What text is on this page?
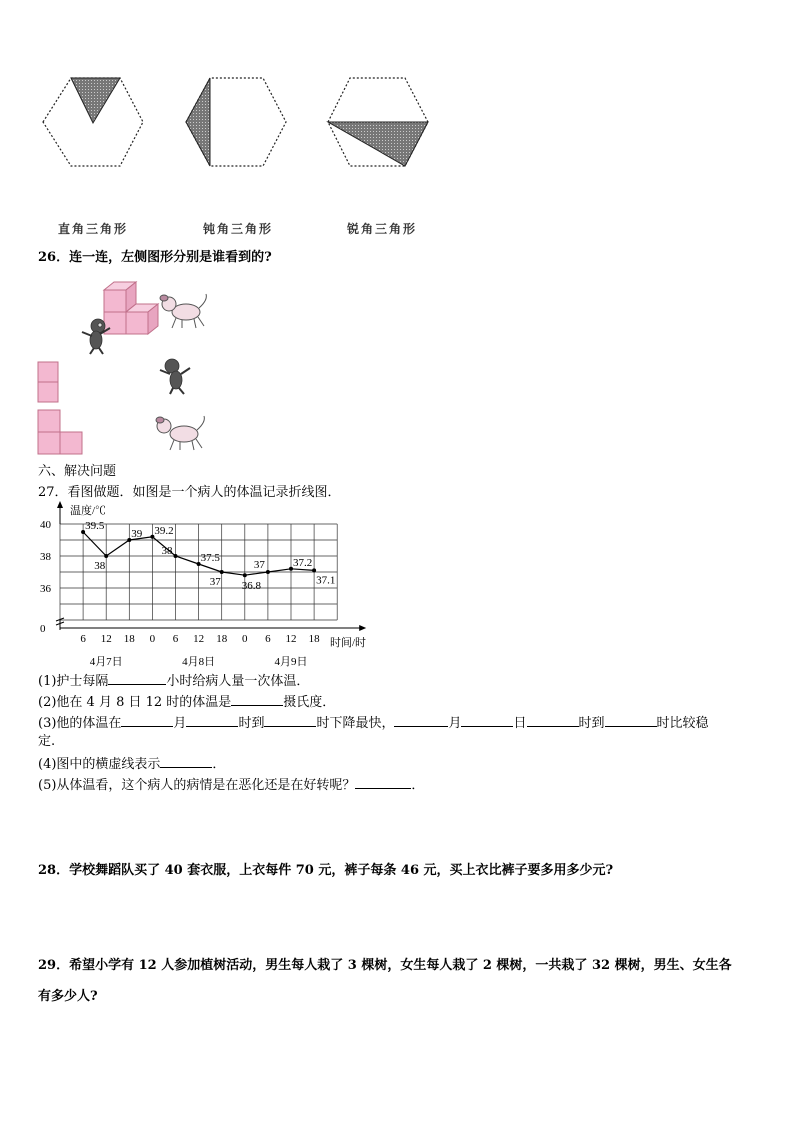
直角三角形	钝角三角形	锐角三角形
26．连一连，左侧图形分别是谁看到的?
六、解决问题
27．看图做题．如图是一个病人的体温记录折线图．
40
38
36
0
6 12 18 0 6 12 18 0 6 12 18
4月7日	4月8日	4月9日
39.5
38
39 39.2
38
37.5
37 36.8
37	37.2
37.1
温度/℃
时间/时
(1)护士每隔	小时给病人量一次体温．
(2)他在 4 月 8 日 12 时的体温是	摄氏度．
(3)他的体温在	月	时到	时下降最快，	月	日	时到	时比较稳
定.
(4)图中的横虚线表示	．
(5)从体温看，这个病人的病情是在恶化还是在好转呢？	．
28．学校舞蹈队买了 40 套衣服，上衣每件 70 元，裤子每条 46 元，买上衣比裤子要多用多少元?
29．希望小学有 12 人参加植树活动，男生每人栽了 3 棵树，女生每人栽了 2 棵树，一共栽了 32 棵树，男生、女生各
有多少人?
